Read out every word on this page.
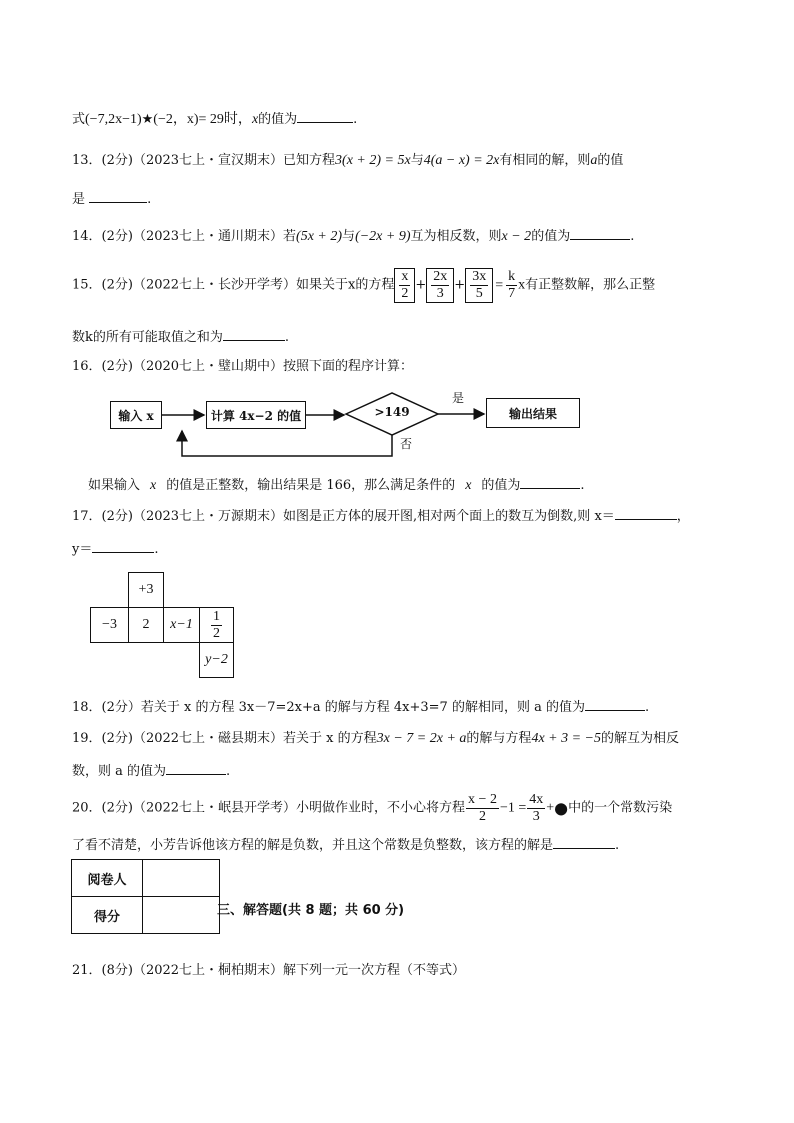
式(−7,2x−1)★(−2，x)= 29时，x的值为	.
13．(2分)（2023七上・宣汉期末）已知方程3(x + 2) = 5x与4(a − x) = 2x有相同的解，则a的值
是	.
14．(2分)（2023七上・通川期末）若(5x + 2)与(−2x + 9)互为相反数，则x − 2的值为	.
15．(2分)（2022七上・长沙开学考）如果关于x的方程 $\frac{x}{2} + \frac{2x}{3} + \frac{3x}{5} = \frac{k}{7}$ x有正整数解，那么正整
数k的所有可能取值之和为	.
16．(2分)（2020七上・璧山期中）按照下面的程序计算：
输入 x	计算 4x−2 的值	输出结果
>149
是
否
如果输入 x 的值是正整数，输出结果是 166，那么满足条件的 x 的值为	.
17．(2分)（2023七上・万源期末）如图是正方体的展开图,相对两个面上的数互为倒数,则 x＝	，
y＝	.
+3
−3	2	x−1	$\frac{1}{2}$
y−2
18．(2分）若关于 x 的方程 3x－7=2x+a 的解与方程 4x+3=7 的解相同，则 a 的值为	.
19．(2分)（2022七上・磁县期末）若关于 x 的方程3x − 7 = 2x + a的解与方程4x + 3 = −5的解互为相反
数，则 a 的值为	.
20．(2分)（2022七上・岷县开学考）小明做作业时，不小心将方程 $\frac{x - 2}{2} -1 = \frac{4x}{3}$ +●中的一个常数污染
了看不清楚，小芳告诉他该方程的解是负数，并且这个常数是负整数，该方程的解是	.
阅卷人	
得分		三、解答题(共 8 题；共 60 分)
21．(8分)（2022七上・桐柏期末）解下列一元一次方程（不等式）
